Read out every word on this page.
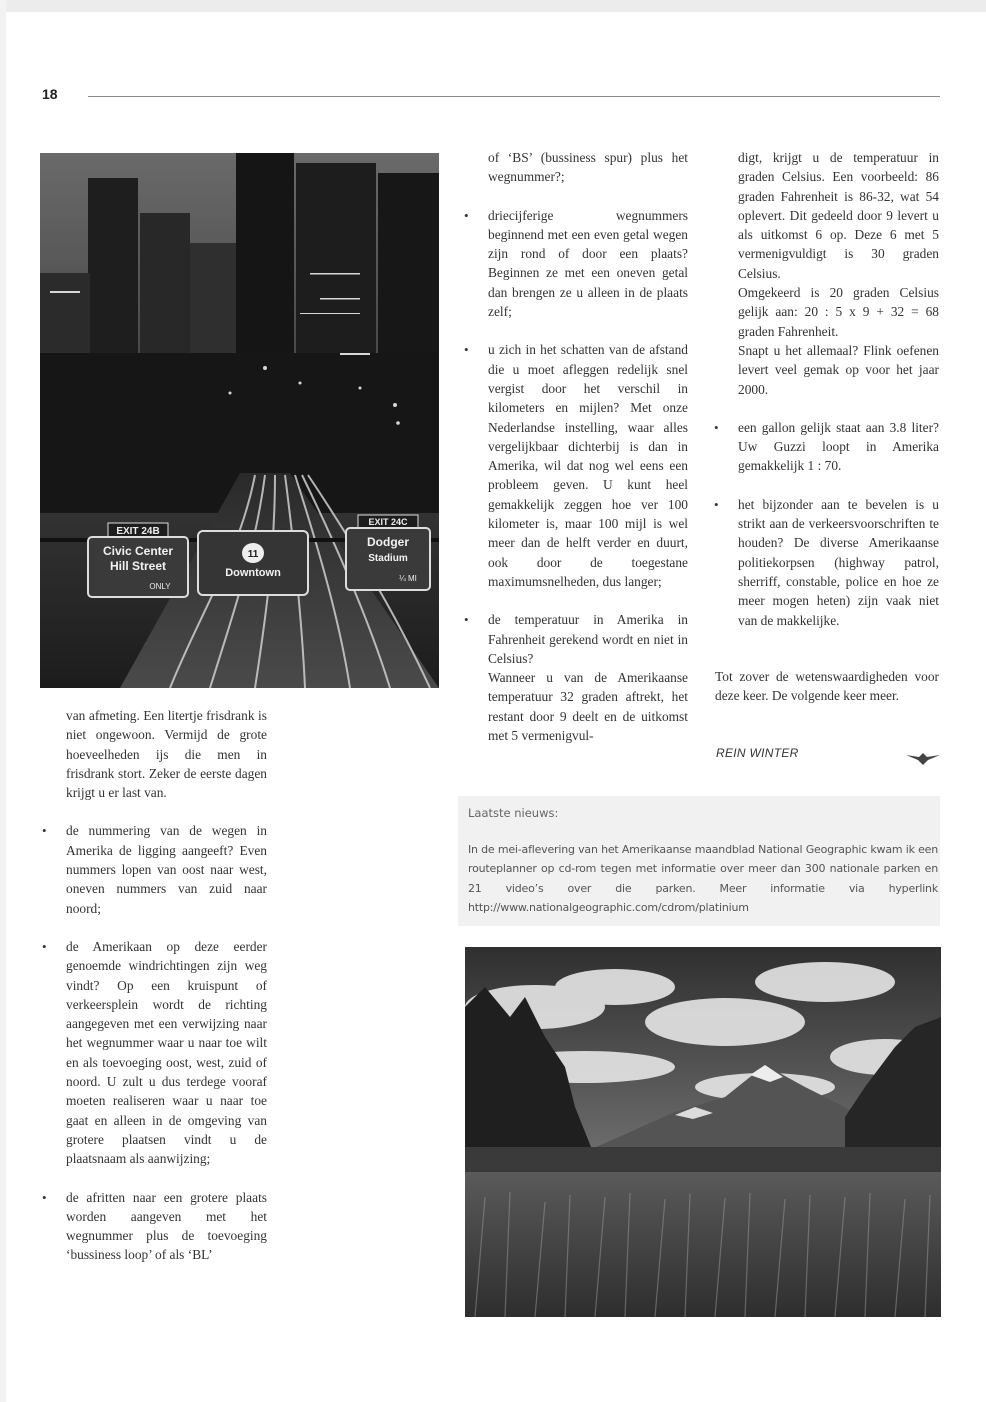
18
EXIT 24B
Civic Center
Hill Street
ONLY
11
Downtown
EXIT 24C
Dodger
Stadium
¼ MI

van afmeting. Een litertje frisdrank is niet ongewoon. Vermijd de grote hoeveelheden ijs die men in frisdrank stort. Zeker de eerste dagen krijgt u er last van.

• de nummering van de wegen in Amerika de ligging aangeeft? Even nummers lopen van oost naar west, oneven nummers van zuid naar noord;

• de Amerikaan op deze eerder genoemde windrichtingen zijn weg vindt? Op een kruispunt of verkeersplein wordt de richting aangegeven met een verwijzing naar het wegnummer waar u naar toe wilt en als toevoeging oost, west, zuid of noord. U zult u dus terdege vooraf moeten realiseren waar u naar toe gaat en alleen in de omgeving van grotere plaatsen vindt u de plaatsnaam als aanwijzing;

• de afritten naar een grotere plaats worden aangeven met het wegnummer plus de toevoeging ‘bussiness loop’ of als ‘BL’

of ‘BS’ (bussiness spur) plus het wegnummer?;

• driecijferige wegnummers beginnend met een even getal wegen zijn rond of door een plaats? Beginnen ze met een oneven getal dan brengen ze u alleen in de plaats zelf;

• u zich in het schatten van de afstand die u moet afleggen redelijk snel vergist door het verschil in kilometers en mijlen? Met onze Nederlandse instelling, waar alles vergelijkbaar dichterbij is dan in Amerika, wil dat nog wel eens een probleem geven. U kunt heel gemakkelijk zeggen hoe ver 100 kilometer is, maar 100 mijl is wel meer dan de helft verder en duurt, ook door de toegestane maximumsnelheden, dus langer;

• de temperatuur in Amerika in Fahrenheit gerekend wordt en niet in Celsius?

Wanneer u van de Amerikaanse temperatuur 32 graden aftrekt, het restant door 9 deelt en de uitkomst met 5 vermenigvul-

digt, krijgt u de temperatuur in graden Celsius. Een voorbeeld: 86 graden Fahrenheit is 86-32, wat 54 oplevert. Dit gedeeld door 9 levert u als uitkomst 6 op. Deze 6 met 5 vermenigvuldigt is 30 graden Celsius.

Omgekeerd is 20 graden Celsius gelijk aan: 20 : 5 x 9 + 32 = 68 graden Fahrenheit.

Snapt u het allemaal? Flink oefenen levert veel gemak op voor het jaar 2000.

• een gallon gelijk staat aan 3.8 liter? Uw Guzzi loopt in Amerika gemakkelijk 1 : 70.

• het bijzonder aan te bevelen is u strikt aan de verkeersvoorschriften te houden? De diverse Amerikaanse politiekorpsen (highway patrol, sherriff, constable, police en hoe ze meer mogen heten) zijn vaak niet van de makkelijke.

Tot zover de wetenswaardigheden voor deze keer. De volgende keer meer.

REIN WINTER
Laatste nieuws:
In de mei-aflevering van het Amerikaanse maandblad National Geographic kwam ik een routeplanner op cd-rom tegen met informatie over meer dan 300 nationale parken en 21 video’s over die parken. Meer informatie via hyperlink http://www.nationalgeographic.com/cdrom/platinium
